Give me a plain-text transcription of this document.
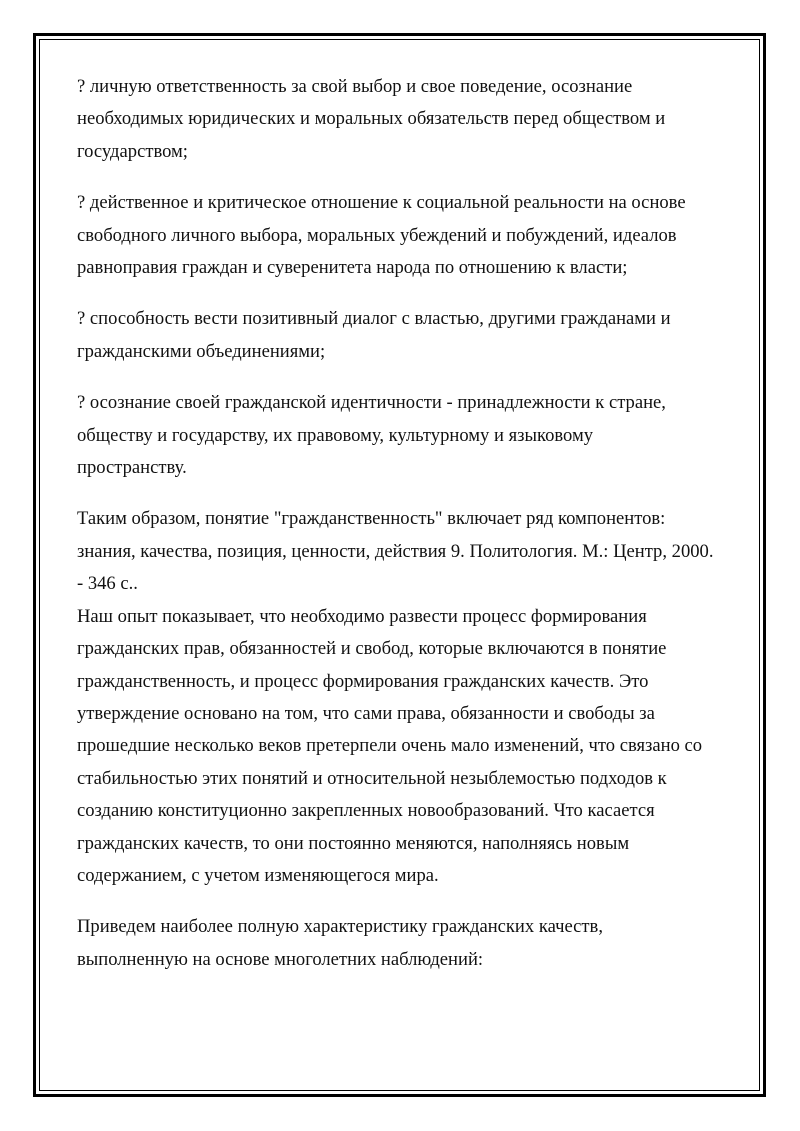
? личную ответственность за свой выбор и свое поведение, осознание
необходимых юридических и моральных обязательств перед обществом и
государством;

? действенное и критическое отношение к социальной реальности на основе
свободного личного выбора, моральных убеждений и побуждений, идеалов
равноправия граждан и суверенитета народа по отношению к власти;

? способность вести позитивный диалог с властью, другими гражданами и
гражданскими объединениями;

? осознание своей гражданской идентичности - принадлежности к стране,
обществу и государству, их правовому, культурному и языковому
пространству.

Таким образом, понятие "гражданственность" включает ряд компонентов:
знания, качества, позиция, ценности, действия 9. Политология. М.: Центр, 2000.
- 346 с..

Наш опыт показывает, что необходимо развести процесс формирования
гражданских прав, обязанностей и свобод, которые включаются в понятие
гражданственность, и процесс формирования гражданских качеств. Это
утверждение основано на том, что сами права, обязанности и свободы за
прошедшие несколько веков претерпели очень мало изменений, что связано со
стабильностью этих понятий и относительной незыблемостью подходов к
созданию конституционно закрепленных новообразований. Что касается
гражданских качеств, то они постоянно меняются, наполняясь новым
содержанием, с учетом изменяющегося мира.

Приведем наиболее полную характеристику гражданских качеств,
выполненную на основе многолетних наблюдений:
